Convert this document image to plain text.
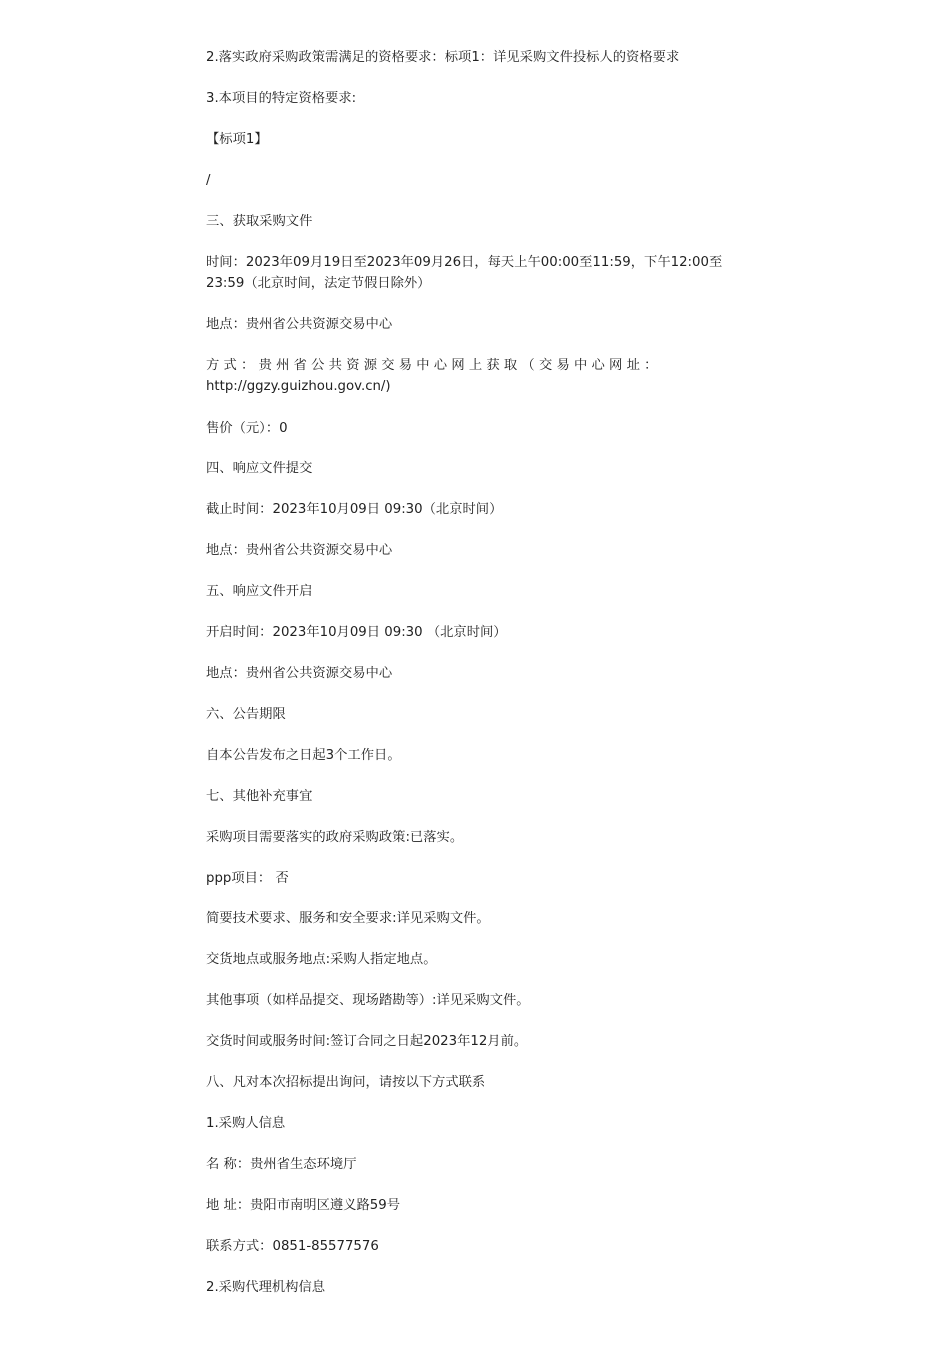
2.落实政府采购政策需满足的资格要求：标项1：详见采购文件投标人的资格要求
3.本项目的特定资格要求:
【标项1】
/
三、获取采购文件
时间：2023年09月19日至2023年09月26日，每天上午00:00至11:59，下午12:00至
23:59（北京时间，法定节假日除外）
地点：贵州省公共资源交易中心
方 式 ： 贵 州 省 公 共 资 源 交 易 中 心 网 上 获 取 （ 交 易 中 心 网 址 ：
http://ggzy.guizhou.gov.cn/)
售价（元）：0
四、响应文件提交
截止时间：2023年10月09日 09:30（北京时间）
地点：贵州省公共资源交易中心
五、响应文件开启
开启时间：2023年10月09日 09:30 （北京时间）
地点：贵州省公共资源交易中心
六、公告期限
自本公告发布之日起3个工作日。
七、其他补充事宜
采购项目需要落实的政府采购政策:已落实。
ppp项目： 否
简要技术要求、服务和安全要求:详见采购文件。
交货地点或服务地点:采购人指定地点。
其他事项（如样品提交、现场踏勘等）:详见采购文件。
交货时间或服务时间:签订合同之日起2023年12月前。
八、凡对本次招标提出询问，请按以下方式联系
1.采购人信息
名 称：贵州省生态环境厅
地 址：贵阳市南明区遵义路59号
联系方式：0851-85577576
2.采购代理机构信息
